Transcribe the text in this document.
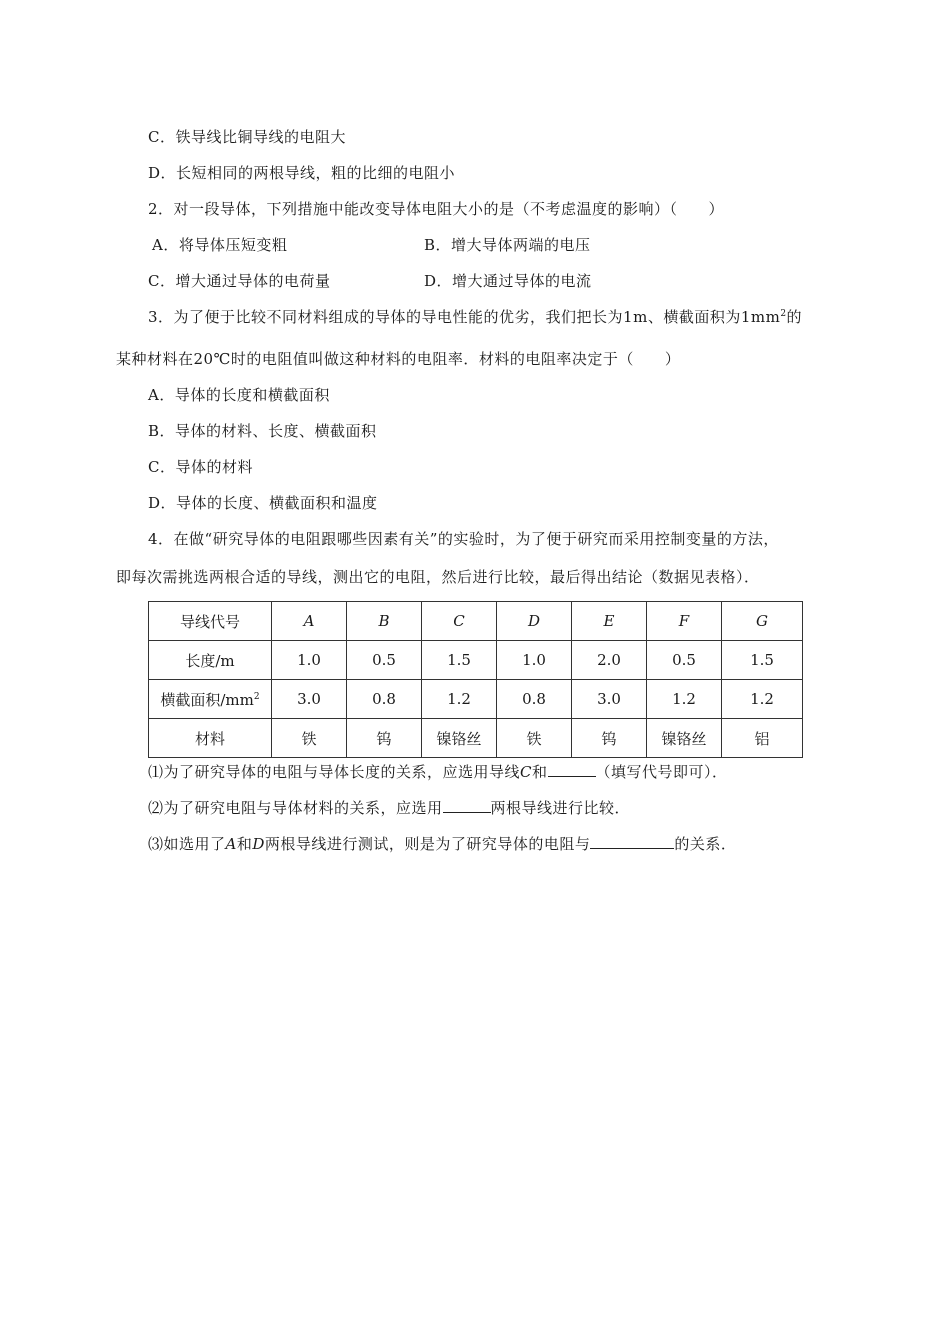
C．铁导线比铜导线的电阻大
D．长短相同的两根导线，粗的比细的电阻小
2．对一段导体，下列措施中能改变导体电阻大小的是（不考虑温度的影响）（　　）
A．将导体压短变粗	B．增大导体两端的电压
C．增大通过导体的电荷量	D．增大通过导体的电流
3．为了便于比较不同材料组成的导体的导电性能的优劣，我们把长为1m、横截面积为$1mm^2$的
某种材料在20℃时的电阻值叫做这种材料的电阻率．材料的电阻率决定于（　　）
A．导体的长度和横截面积
B．导体的材料、长度、横截面积
C．导体的材料
D．导体的长度、横截面积和温度
4．在做“研究导体的电阻跟哪些因素有关”的实验时，为了便于研究而采用控制变量的方法，
即每次需挑选两根合适的导线，测出它的电阻，然后进行比较，最后得出结论（数据见表格）．
导线代号	A	B	C	D	E	F	G
长度/m	1.0	0.5	1.5	1.0	2.0	0.5	1.5
横截面积$/mm^2$	3.0	0.8	1.2	0.8	3.0	1.2	1.2
材料	铁	钨	镍铬丝	铁	钨	镍铬丝	铝
⑴为了研究导体的电阻与导体长度的关系，应选用导线C和	（填写代号即可）．
⑵为了研究电阻与导体材料的关系，应选用	两根导线进行比较．
⑶如选用了A和D两根导线进行测试，则是为了研究导体的电阻与	的关系．
